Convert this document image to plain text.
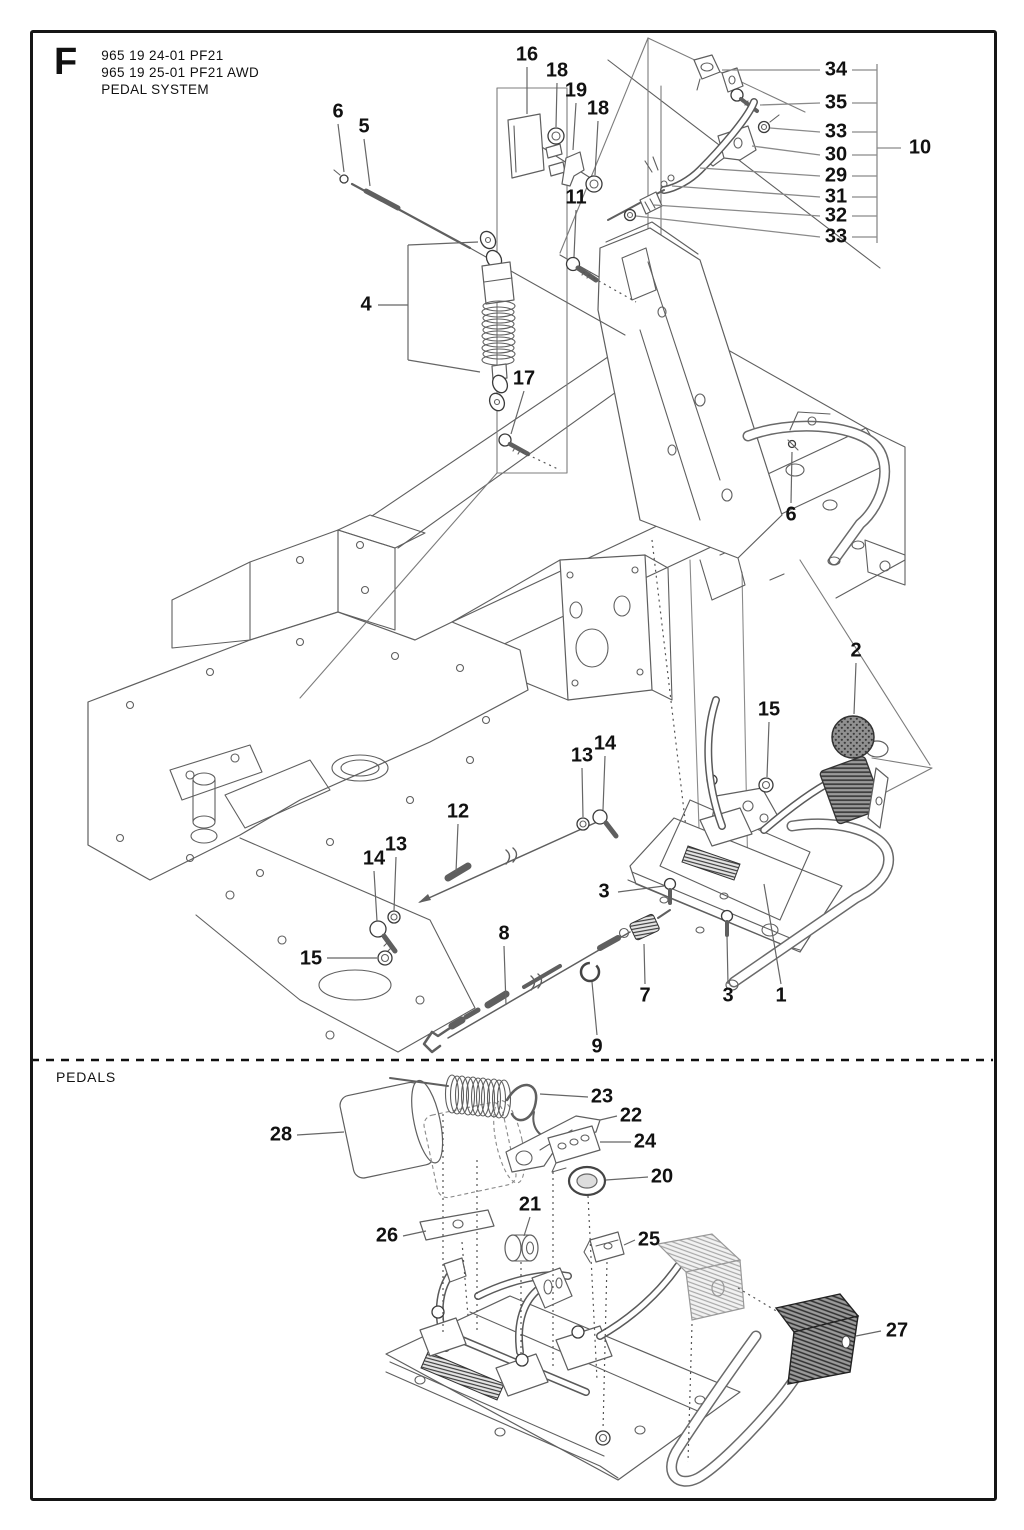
F 965 19 24-01 PF21
965 19 25-01 PF21 AWD
PEDAL SYSTEM
PEDALS
6
5
16
18
19
18
11
4
17
34
35
33
30
29
31
32
33
10
6
2
15
14
13
12
13
14
15
3
8
7	3 1
9
28
23
22
24
20
21
26	25
27
